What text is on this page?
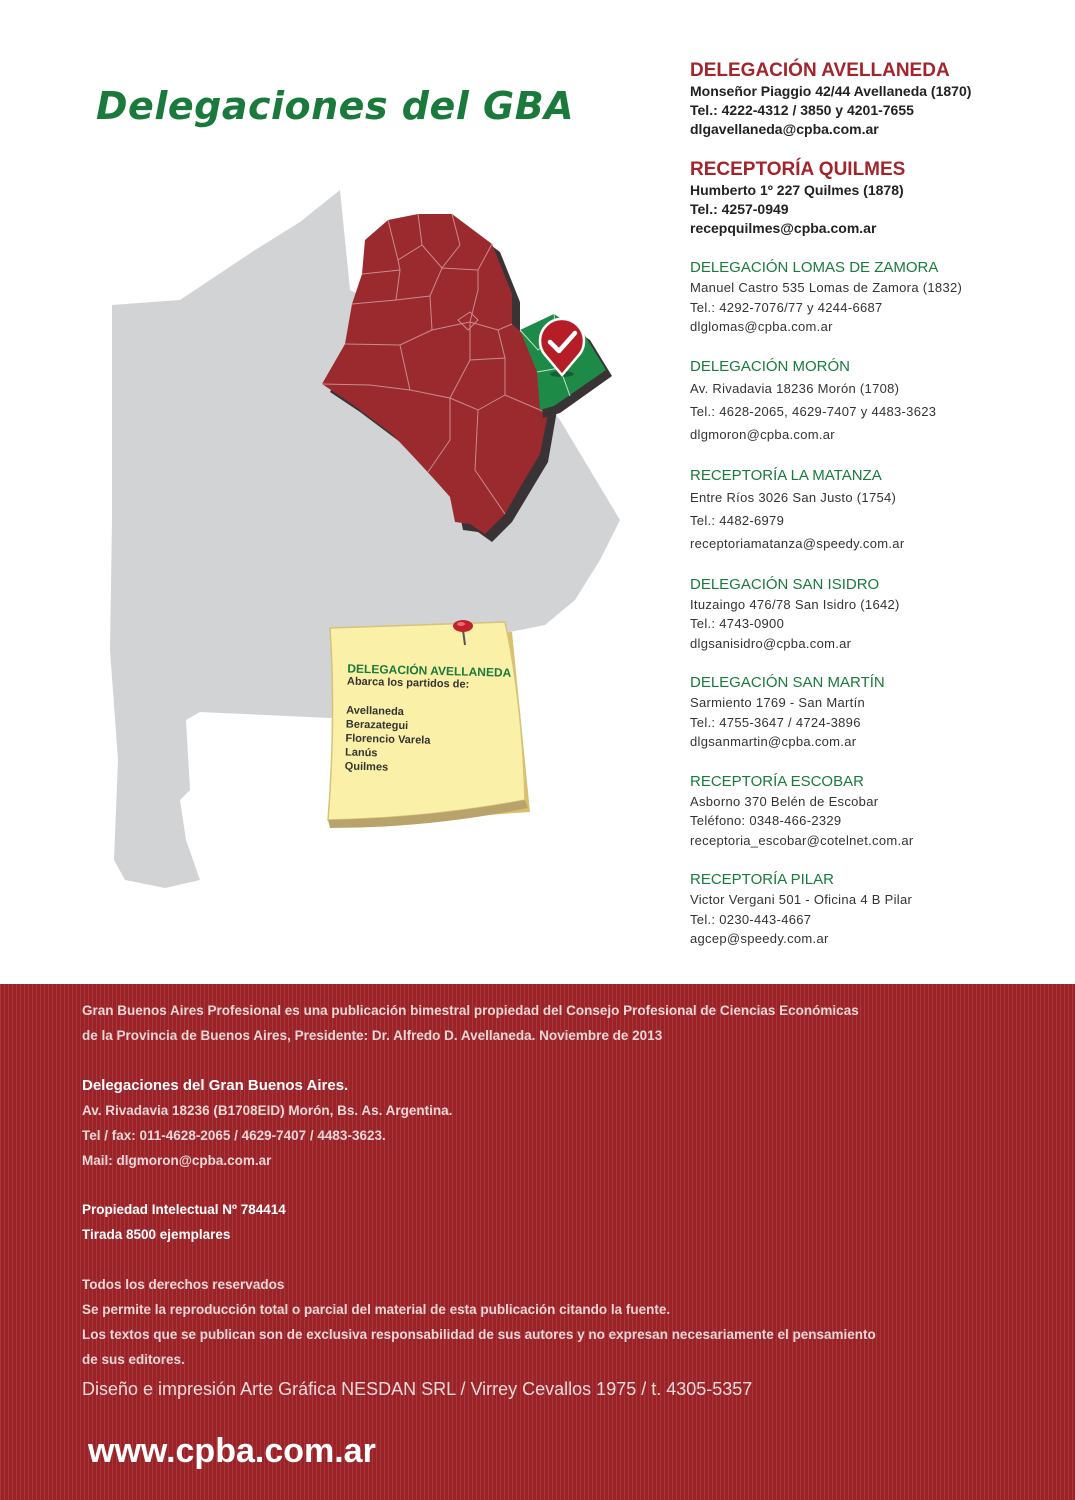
Delegaciones del GBA
DELEGACIÓN AVELLANEDA
Abarca los partidos de:
Avellaneda
Berazategui
Florencio Varela
Lanús
Quilmes
DELEGACIÓN AVELLANEDA
Monseñor Piaggio 42/44 Avellaneda (1870)
Tel.: 4222-4312 / 3850 y 4201-7655
dlgavellaneda@cpba.com.ar
RECEPTORÍA QUILMES
Humberto 1º 227 Quilmes (1878)
Tel.: 4257-0949
recepquilmes@cpba.com.ar
DELEGACIÓN LOMAS DE ZAMORA
Manuel Castro 535 Lomas de Zamora (1832)
Tel.: 4292-7076/77 y 4244-6687
dlglomas@cpba.com.ar
DELEGACIÓN MORÓN
Av. Rivadavia 18236 Morón (1708)
Tel.: 4628-2065, 4629-7407 y 4483-3623
dlgmoron@cpba.com.ar
RECEPTORÍA LA MATANZA
Entre Ríos 3026 San Justo (1754)
Tel.: 4482-6979
receptoriamatanza@speedy.com.ar
DELEGACIÓN SAN ISIDRO
Ituzaingo 476/78 San Isidro (1642)
Tel.: 4743-0900
dlgsanisidro@cpba.com.ar
DELEGACIÓN SAN MARTÍN
Sarmiento 1769 - San Martín
Tel.: 4755-3647 / 4724-3896
dlgsanmartin@cpba.com.ar
RECEPTORÍA ESCOBAR
Asborno 370 Belén de Escobar
Teléfono: 0348-466-2329
receptoria_escobar@cotelnet.com.ar
RECEPTORÍA PILAR
Victor Vergani 501 - Oficina 4 B Pilar
Tel.: 0230-443-4667
agcep@speedy.com.ar
Gran Buenos Aires Profesional es una publicación bimestral propiedad del Consejo Profesional de Ciencias Económicas
de la Provincia de Buenos Aires, Presidente: Dr. Alfredo D. Avellaneda. Noviembre de 2013
Delegaciones del Gran Buenos Aires.
Av. Rivadavia 18236 (B1708EID) Morón, Bs. As. Argentina.
Tel / fax: 011-4628-2065 / 4629-7407 / 4483-3623.
Mail: dlgmoron@cpba.com.ar
Propiedad Intelectual Nº 784414
Tirada 8500 ejemplares
Todos los derechos reservados
Se permite la reproducción total o parcial del material de esta publicación citando la fuente.
Los textos que se publican son de exclusiva responsabilidad de sus autores y no expresan necesariamente el pensamiento
de sus editores.
Diseño e impresión Arte Gráfica NESDAN SRL / Virrey Cevallos 1975 / t. 4305-5357
www.cpba.com.ar
